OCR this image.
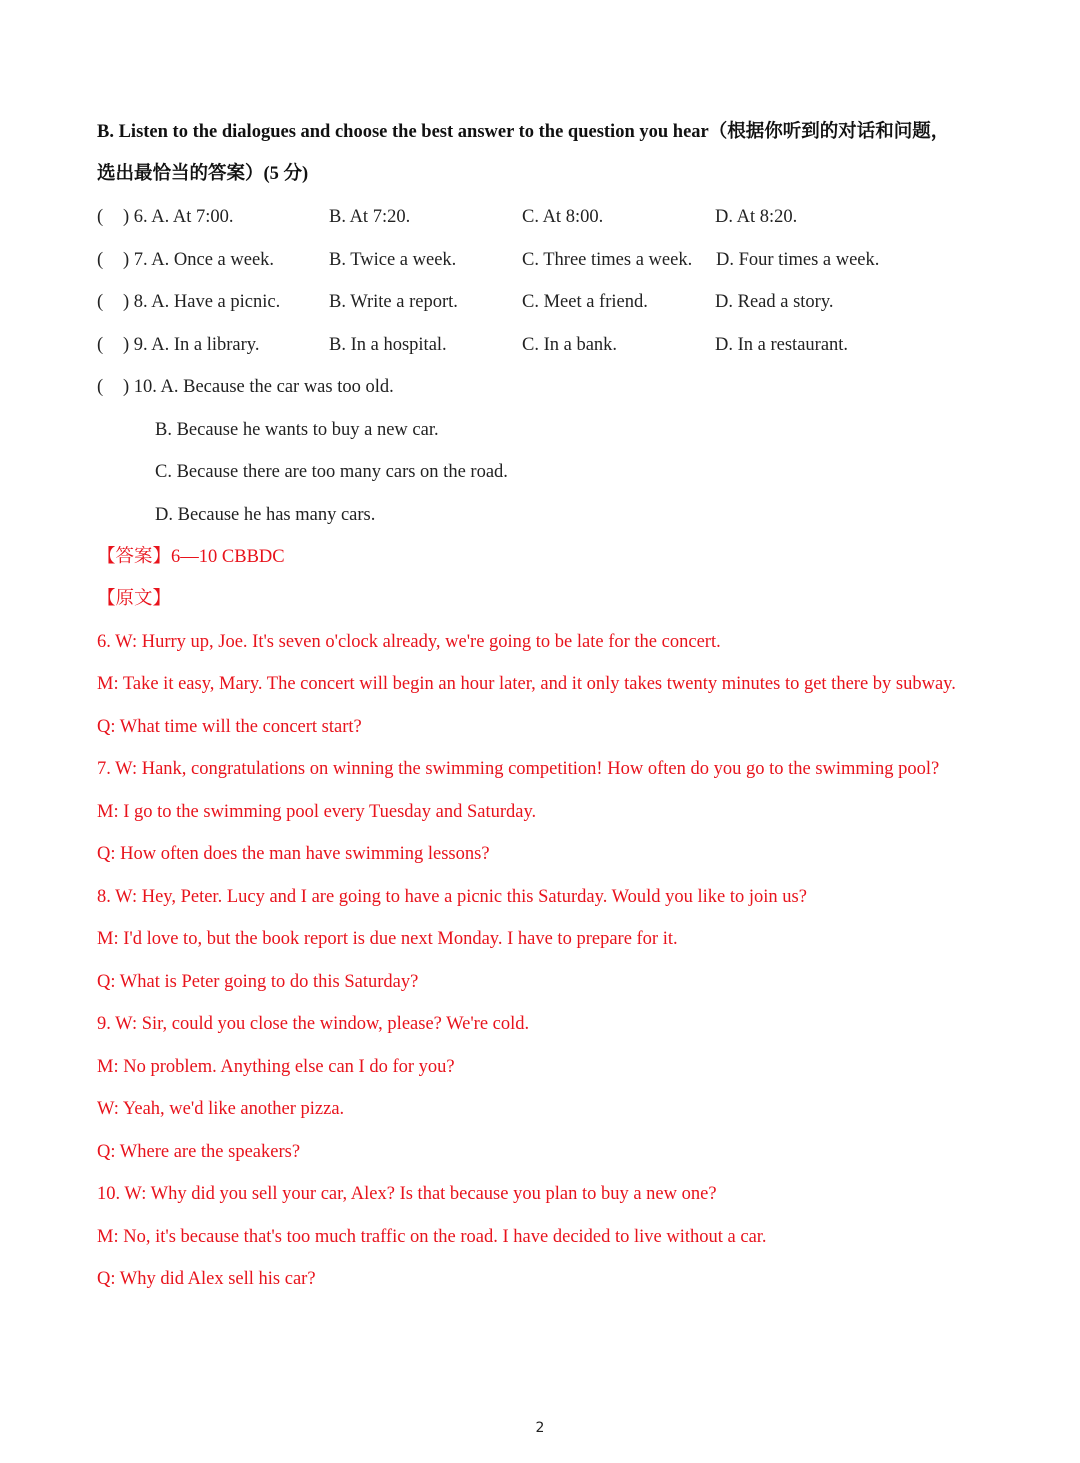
B. Listen to the dialogues and choose the best answer to the question you hear（根据你听到的对话和问题，
选出最恰当的答案）(5 分)
( ) 6. A. At 7:00.	B. At 7:20.	C. At 8:00.	D. At 8:20.
( ) 7. A. Once a week.	B. Twice a week.	C. Three times a week. D. Four times a week.
( ) 8. A. Have a picnic.	B. Write a report.	C. Meet a friend.	D. Read a story.
( ) 9. A. In a library.	B. In a hospital.	C. In a bank.	D. In a restaurant.
( ) 10. A. Because the car was too old.
B. Because he wants to buy a new car.
C. Because there are too many cars on the road.
D. Because he has many cars.
【答案】6—10 CBBDC
【原文】
6. W: Hurry up, Joe. It's seven o'clock already, we're going to be late for the concert.
M: Take it easy, Mary. The concert will begin an hour later, and it only takes twenty minutes to get there by subway.
Q: What time will the concert start?
7. W: Hank, congratulations on winning the swimming competition! How often do you go to the swimming pool?
M: I go to the swimming pool every Tuesday and Saturday.
Q: How often does the man have swimming lessons?
8. W: Hey, Peter. Lucy and I are going to have a picnic this Saturday. Would you like to join us?
M: I'd love to, but the book report is due next Monday. I have to prepare for it.
Q: What is Peter going to do this Saturday?
9. W: Sir, could you close the window, please? We're cold.
M: No problem. Anything else can I do for you?
W: Yeah, we'd like another pizza.
Q: Where are the speakers?
10. W: Why did you sell your car, Alex? Is that because you plan to buy a new one?
M: No, it's because that's too much traffic on the road. I have decided to live without a car.
Q: Why did Alex sell his car?
2
